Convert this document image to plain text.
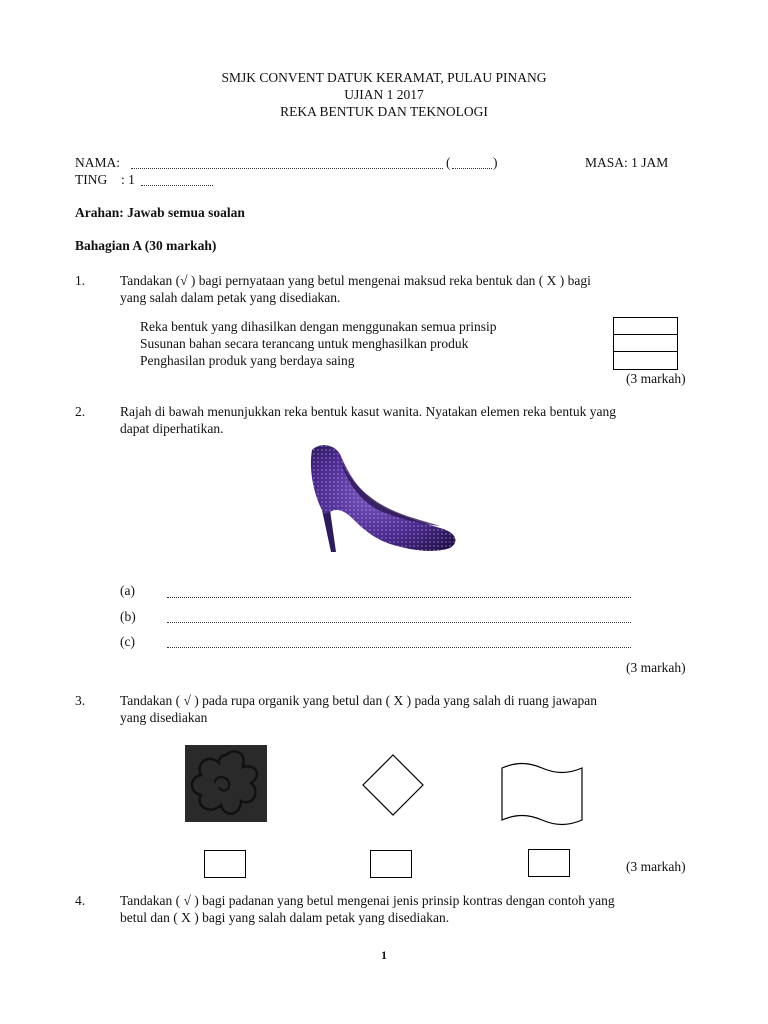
SMJK CONVENT DATUK KERAMAT, PULAU PINANG
UJIAN 1 2017
REKA BENTUK DAN TEKNOLOGI
NAMA:	(	)	MASA: 1 JAM
TING : 1
Arahan: Jawab semua soalan
Bahagian A (30 markah)
1.	Tandakan (√ ) bagi pernyataan yang betul mengenai maksud reka bentuk dan ( X ) bagi
yang salah dalam petak yang disediakan.
Reka bentuk yang dihasilkan dengan menggunakan semua prinsip
Susunan bahan secara terancang untuk menghasilkan produk
Penghasilan produk yang berdaya saing
(3 markah)
2.	Rajah di bawah menunjukkan reka bentuk kasut wanita. Nyatakan elemen reka bentuk yang
dapat diperhatikan.
(a)
(b)
(c)
(3 markah)
3.	Tandakan ( √ ) pada rupa organik yang betul dan ( X ) pada yang salah di ruang jawapan
yang disediakan
(3 markah)
4.	Tandakan ( √ ) bagi padanan yang betul mengenai jenis prinsip kontras dengan contoh yang
betul dan ( X ) bagi yang salah dalam petak yang disediakan.
1
